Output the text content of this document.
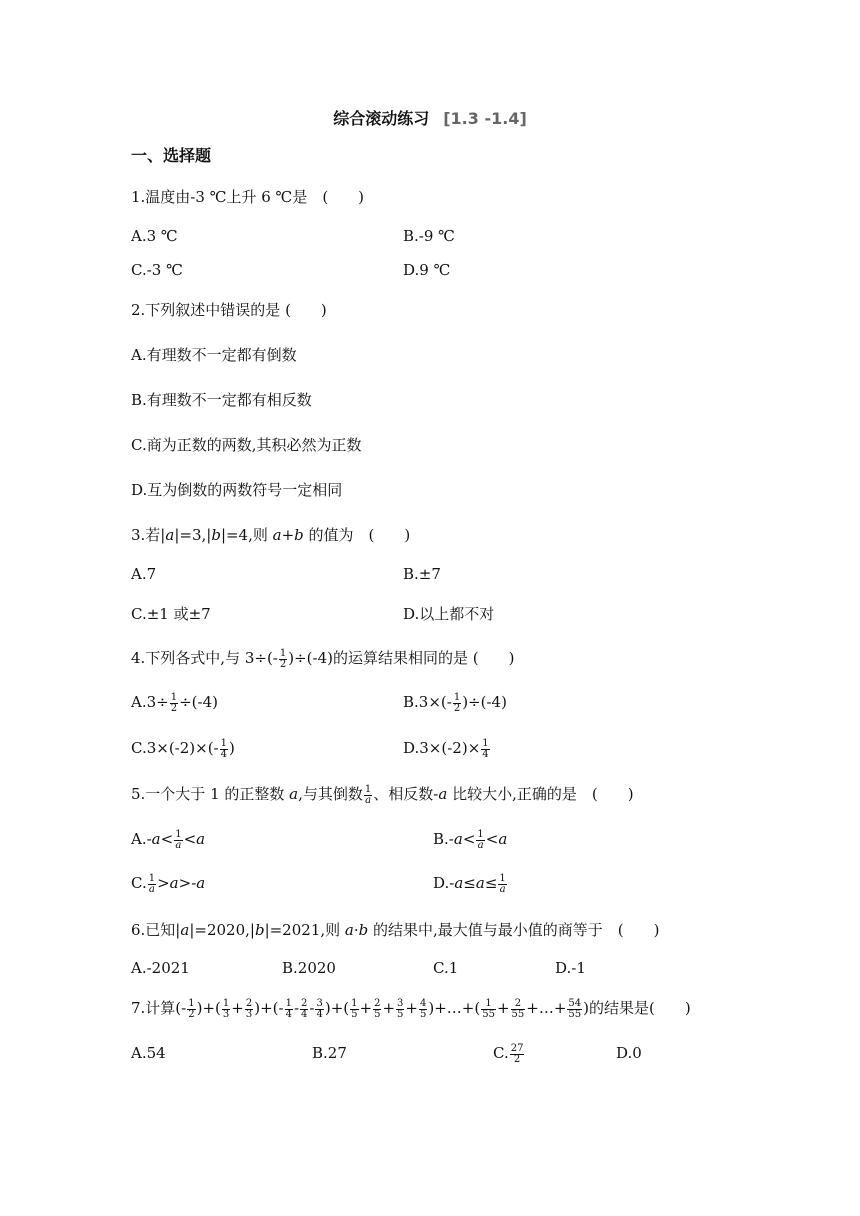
综合滚动练习 [1.3 -1.4]
一、选择题
1.温度由-3 ℃上升 6 ℃是　(　　)
A.3 ℃	B.-9 ℃
C.-3 ℃	D.9 ℃
2.下列叙述中错误的是 (　　)
A.有理数不一定都有倒数
B.有理数不一定都有相反数
C.商为正数的两数,其积必然为正数
D.互为倒数的两数符号一定相同
3.若|a|=3,|b|=4,则 a+b 的值为　(　　)
A.7	B.±7
C.±1 或±7	D.以上都不对
4.下列各式中,与 $3\div(- \frac{1}{2} )\div(-4)$的运算结果相同的是 (　　)
$A.3\div \frac{1}{2} \div(-4)$	$B.3\times(- \frac{1}{2} )\div(-4)$
$C.3\times(-2)\times(- \frac{1}{4}$ )	$D.3\times(-2)\times \frac{1}{4}$
5.一个大于 1 的正整数 a,与其倒数 $\frac{1}{a}$ 、相反数-a 比较大小,正确的是　(　　)
$A.-a< \frac{1}{a} <a$	$B.-a< \frac{1}{a} <a$
C. $\frac{1}{a} >a>-a$	$D.-a\le a\le \frac{1}{a}$
6.已知|a|=2020,|b|=2021,则 a·b 的结果中,最大值与最小值的商等于　(　　)
A.-2021	B.2020	C.1	D.-1
7.计算(- $\frac{1}{2}$ )+( $\frac{1}{3} + \frac{2}{3}$ )+(- $\frac{1}{4} - \frac{2}{4} - \frac{3}{4}$ )+( $\frac{1}{5} + \frac{2}{5} + \frac{3}{5} + \frac{4}{5}$ )+…+( $\frac{1}{55} + \frac{2}{55}$ +…+ $\frac{54}{55}$ )的结果是(　　)
A.54	B.27	C. $\frac{27}{2}$	D.0
